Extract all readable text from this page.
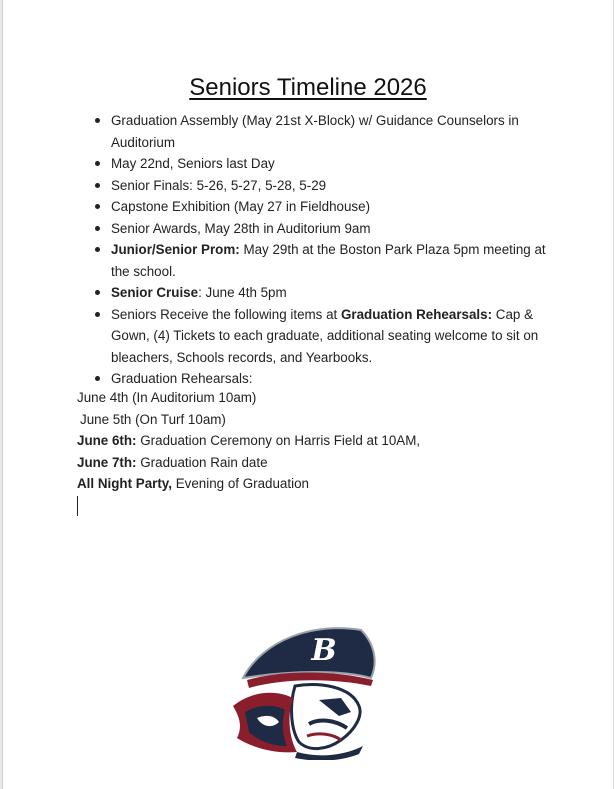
Seniors Timeline 2026
Graduation Assembly (May 21st X-Block) w/ Guidance Counselors in Auditorium
May 22nd, Seniors last Day
Senior Finals: 5-26, 5-27, 5-28, 5-29
Capstone Exhibition (May 27 in Fieldhouse)
Senior Awards, May 28th in Auditorium 9am
Junior/Senior Prom: May 29th at the Boston Park Plaza 5pm meeting at the school.
Senior Cruise: June 4th 5pm
Seniors Receive the following items at Graduation Rehearsals: Cap & Gown, (4) Tickets to each graduate, additional seating welcome to sit on bleachers, Schools records, and Yearbooks.
Graduation Rehearsals:
June 4th (In Auditorium 10am)
June 5th (On Turf 10am)
June 6th: Graduation Ceremony on Harris Field at 10AM,
June 7th: Graduation Rain date
All Night Party, Evening of Graduation
B
